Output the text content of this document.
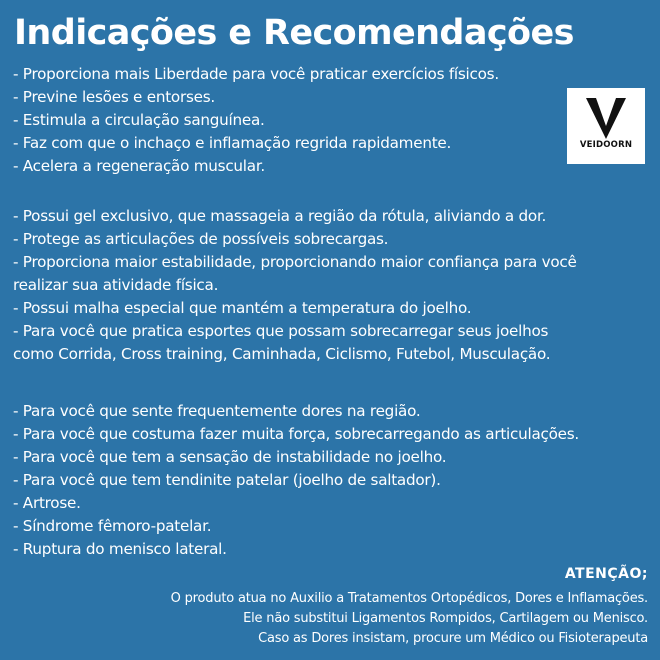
Indicações e Recomendações
VEIDOORN
- Proporciona mais Liberdade para você praticar exercícios físicos.
- Previne lesões e entorses.
- Estimula a circulação sanguínea.
- Faz com que o inchaço e inflamação regrida rapidamente.
- Acelera a regeneração muscular.
- Possui gel exclusivo, que massageia a região da rótula, aliviando a dor.
- Protege as articulações de possíveis sobrecargas.
- Proporciona maior estabilidade, proporcionando maior confiança para você
realizar sua atividade física.
- Possui malha especial que mantém a temperatura do joelho.
- Para você que pratica esportes que possam sobrecarregar seus joelhos
como Corrida, Cross training, Caminhada, Ciclismo, Futebol, Musculação.
- Para você que sente frequentemente dores na região.
- Para você que costuma fazer muita força, sobrecarregando as articulações.
- Para você que tem a sensação de instabilidade no joelho.
- Para você que tem tendinite patelar (joelho de saltador).
- Artrose.
- Síndrome fêmoro-patelar.
- Ruptura do menisco lateral.
ATENÇÃO;
O produto atua no Auxilio a Tratamentos Ortopédicos, Dores e Inflamações.
Ele não substitui Ligamentos Rompidos, Cartilagem ou Menisco.
Caso as Dores insistam, procure um Médico ou Fisioterapeuta
